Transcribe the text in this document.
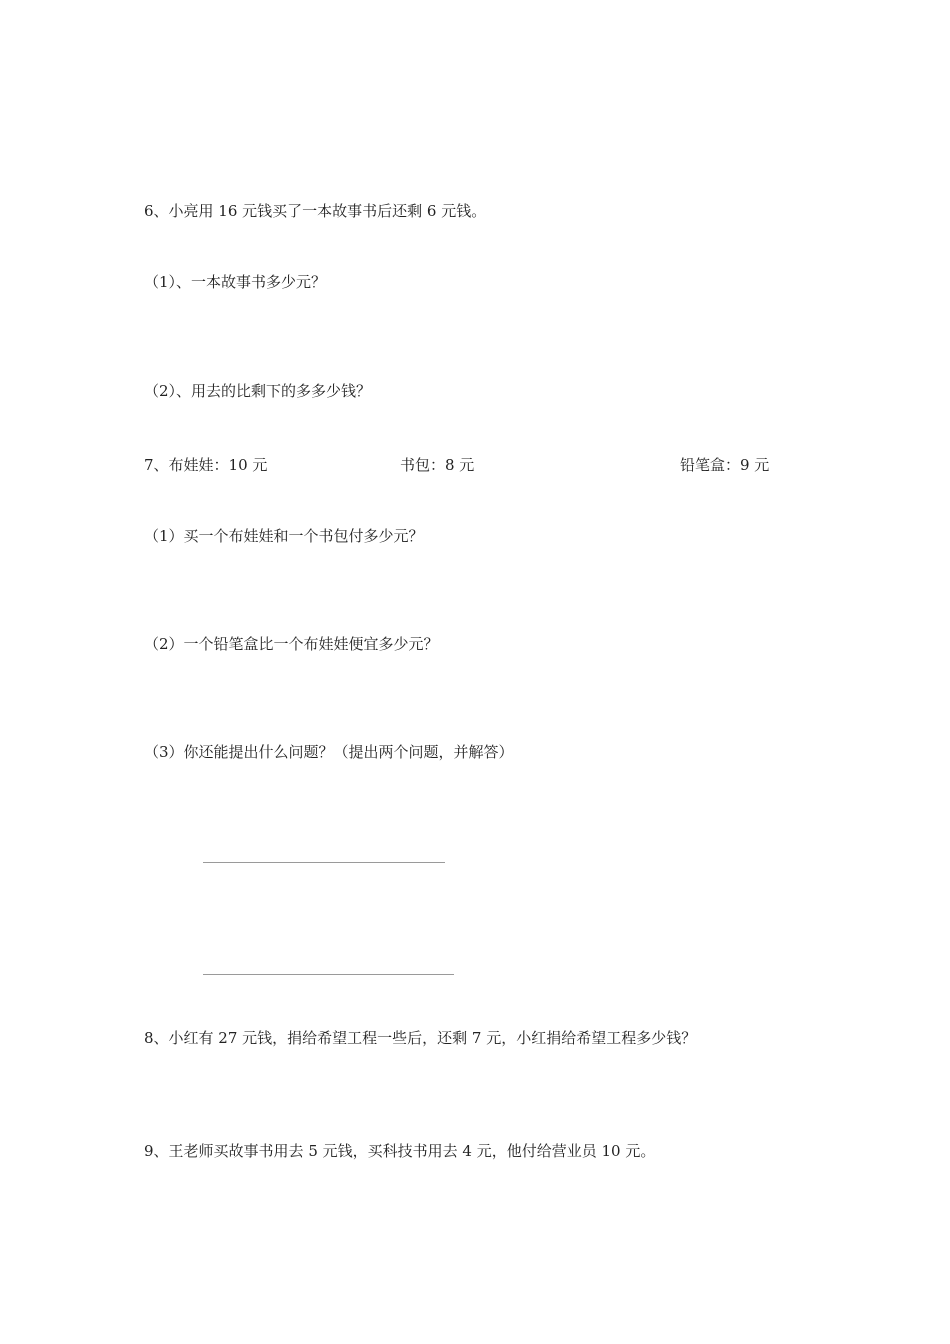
6、小亮用 16 元钱买了一本故事书后还剩 6 元钱。
（1）、一本故事书多少元？
（2）、用去的比剩下的多多少钱？
7、布娃娃：10 元	书包：8 元	铅笔盒：9 元
（1）买一个布娃娃和一个书包付多少元？
（2）一个铅笔盒比一个布娃娃便宜多少元？
（3）你还能提出什么问题？（提出两个问题，并解答）
8、小红有 27 元钱，捐给希望工程一些后，还剩 7 元，小红捐给希望工程多少钱？
9、王老师买故事书用去 5 元钱，买科技书用去 4 元，他付给营业员 10 元。
